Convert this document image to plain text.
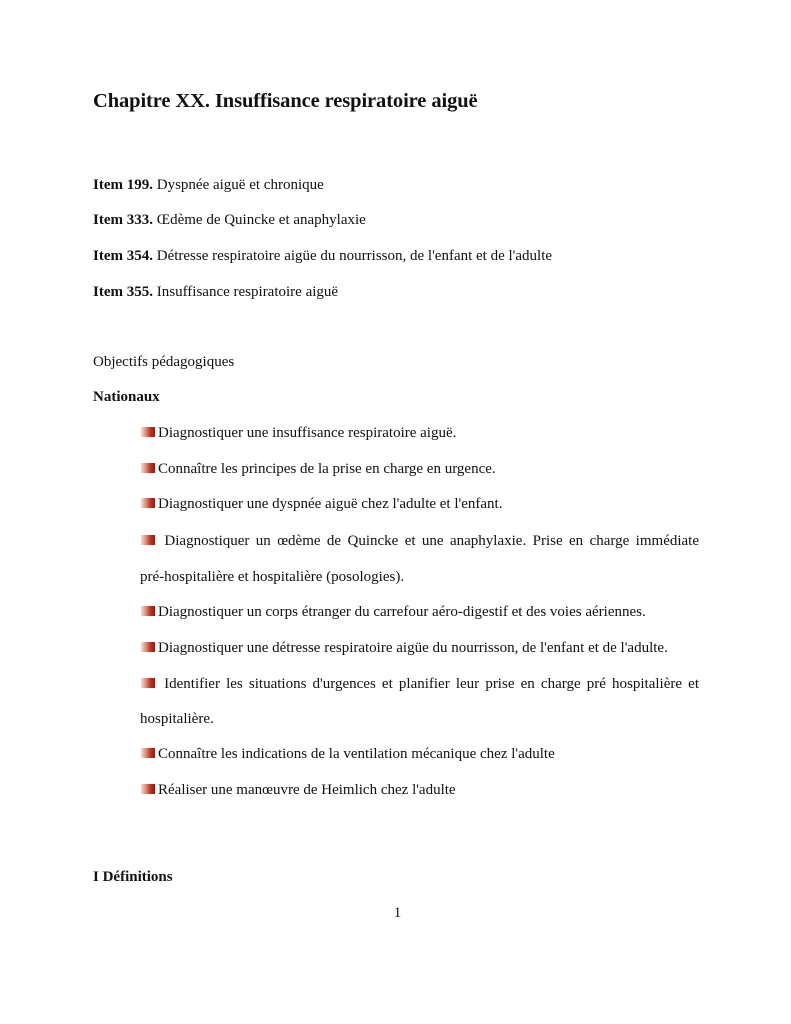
Chapitre XX. Insuffisance respiratoire aiguë
Item 199. Dyspnée aiguë et chronique
Item 333. Œdème de Quincke et anaphylaxie
Item 354. Détresse respiratoire aigüe du nourrisson, de l'enfant et de l'adulte
Item 355. Insuffisance respiratoire aiguë
Objectifs pédagogiques
Nationaux
Diagnostiquer une insuffisance respiratoire aiguë.
Connaître les principes de la prise en charge en urgence.
Diagnostiquer une dyspnée aiguë chez l'adulte et l'enfant.
Diagnostiquer un œdème de Quincke et une anaphylaxie. Prise en charge immédiate
pré-hospitalière et hospitalière (posologies).
Diagnostiquer un corps étranger du carrefour aéro-digestif et des voies aériennes.
Diagnostiquer une détresse respiratoire aigüe du nourrisson, de l'enfant et de l'adulte.
Identifier les situations d'urgences et planifier leur prise en charge pré hospitalière et
hospitalière.
Connaître les indications de la ventilation mécanique chez l'adulte
Réaliser une manœuvre de Heimlich chez l'adulte
I Définitions
1
